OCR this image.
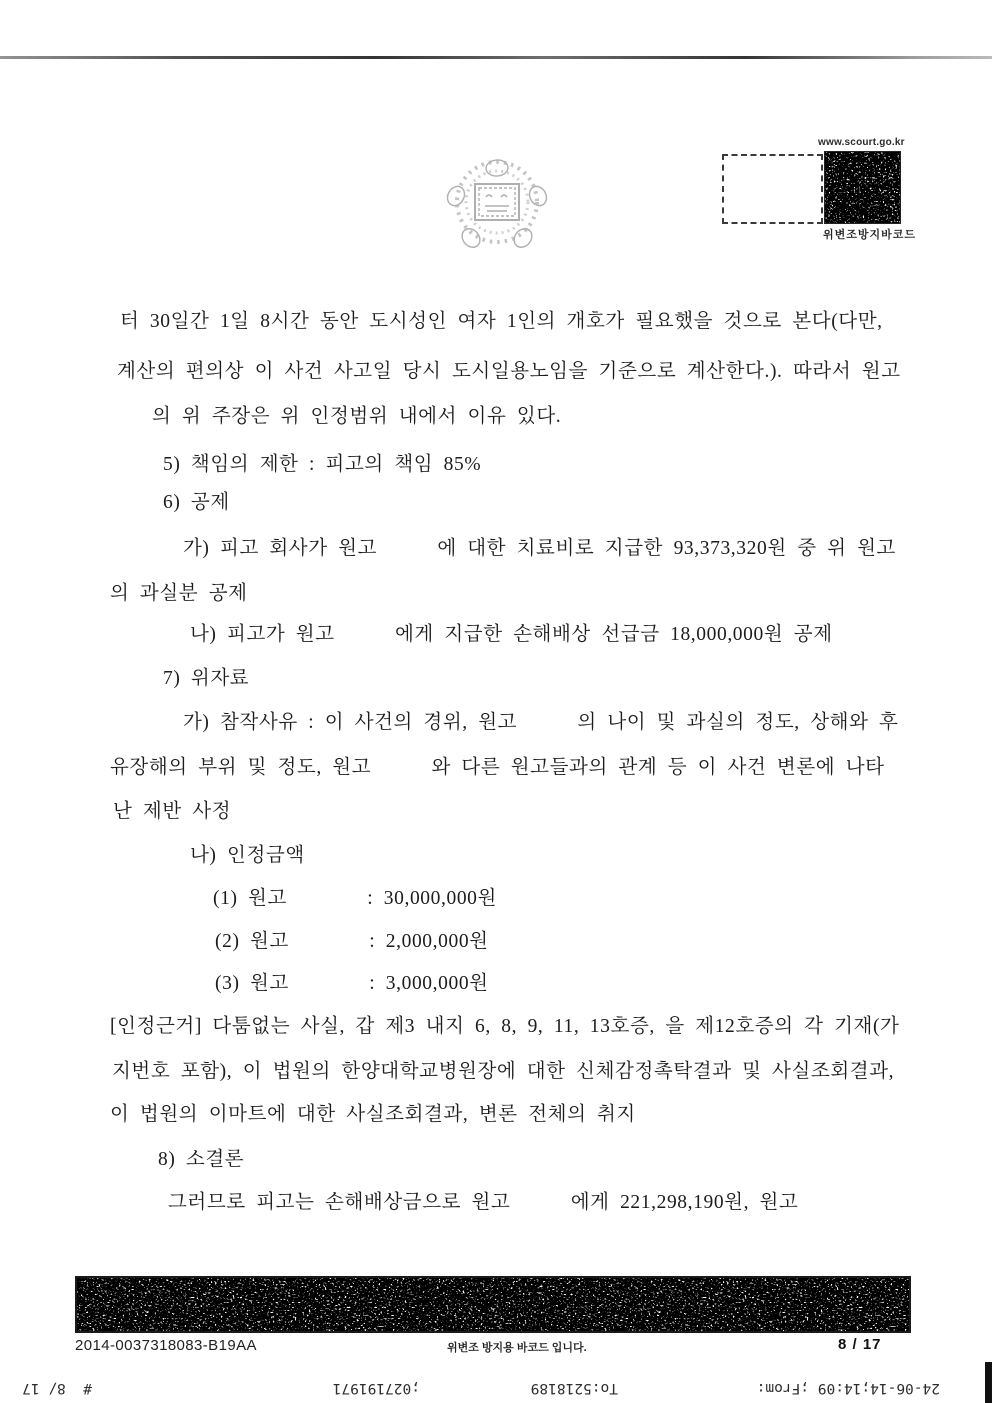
www.scourt.go.kr
위변조방지바코드
터 30일간 1일 8시간 동안 도시성인 여자 1인의 개호가 필요했을 것으로 본다(다만,
계산의 편의상 이 사건 사고일 당시 도시일용노임을 기준으로 계산한다.). 따라서 원고
의 위 주장은 위 인정범위 내에서 이유 있다.
5) 책임의 제한 : 피고의 책임 85%
6) 공제
가) 피고 회사가 원고   에 대한 치료비로 지급한 93,373,320원 중 위 원고
의 과실분 공제
나) 피고가 원고   에게 지급한 손해배상 선급금 18,000,000원 공제
7) 위자료
가) 참작사유 : 이 사건의 경위, 원고   의 나이 및 과실의 정도, 상해와 후
유장해의 부위 및 정도, 원고   와 다른 원고들과의 관계 등 이 사건 변론에 나타
난 제반 사정
나) 인정금액
(1) 원고    : 30,000,000원
(2) 원고    : 2,000,000원
(3) 원고    : 3,000,000원
[인정근거] 다툼없는 사실, 갑 제3 내지 6, 8, 9, 11, 13호증, 을 제12호증의 각 기재(가
지번호 포함), 이 법원의 한양대학교병원장에 대한 신체감정촉탁결과 및 사실조회결과,
이 법원의 이마트에 대한 사실조회결과, 변론 전체의 취지
8) 소결론
그러므로 피고는 손해배상금으로 원고   에게 221,298,190원, 원고
2014-0037318083-B19AA	위변조 방지용 바코드 입니다.	8 / 17
24-06-14;14:09 ;From:
To:5218189
;027191971
#  8/ 17
